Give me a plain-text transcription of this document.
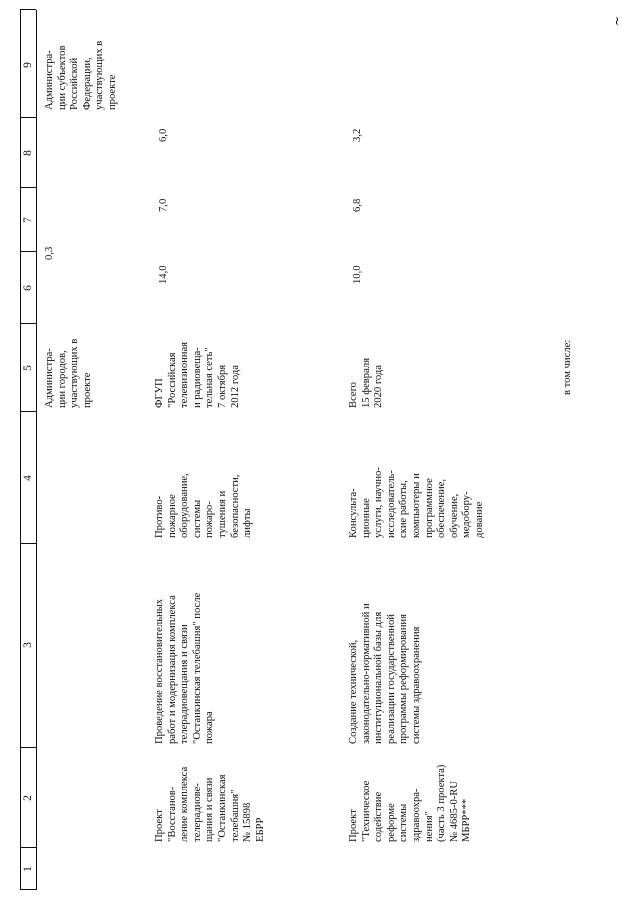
1
2
3
4
5
6
7
8
9
Администра-
ции городов,
участвующих в
проекте
0,3
Администра-
ции субъектов
Российской
Федерации,
участвующих в
проекте
Проект
"Восстанов-
ление комплекса
телерадиове-
щания и связи
"Останкинская
телебашня"
№ 15898
ЕБРР
Проведение восстановительных
работ и модернизация комплекса
телерадиовещания и связи
"Останкинская телебашня" после
пожара
Противо-
пожарное
оборудование,
системы
пожаро-
тушения и
безопасности,
лифты
ФГУП
"Российская
телевизионная
и радиовеща-
тельная сеть"
7 октября
2012 года
14,0
7,0
6,0
Проект
"Техническое
содействие
реформе
системы
здравоохра-
нения"
(часть 3 проекта)
№ 4685-0-RU
МБРР***
Создание технической,
законодательно-нормативной и
институциональной базы для
реализации государственной
программы реформирования
системы здравоохранения
Консульта-
ционные
услуги, научно-
исследователь-
ские работы,
компьютеры и
программное
обеспечение,
обучение,
медобору-
дование
Всего
15 февраля
2020 года
10,0
6,8
3,2
в том числе:
~
